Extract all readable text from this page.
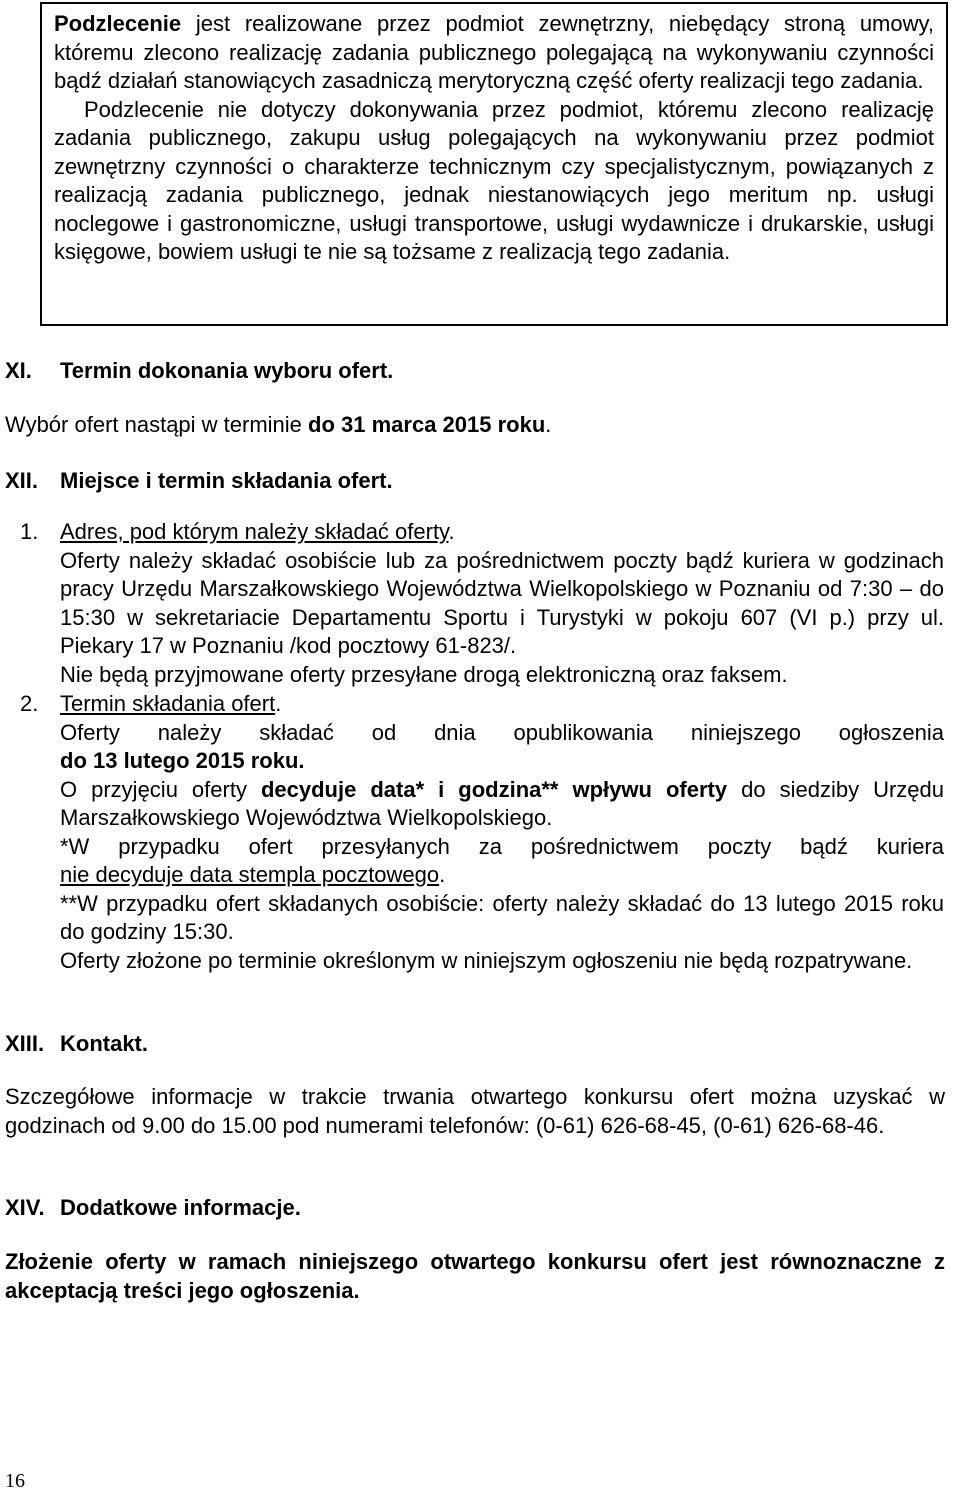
Podzlecenie jest realizowane przez podmiot zewnętrzny, niebędący stroną umowy, któremu zlecono realizację zadania publicznego polegającą na wykonywaniu czynności bądź działań stanowiących zasadniczą merytoryczną część oferty realizacji tego zadania.

Podzlecenie nie dotyczy dokonywania przez podmiot, któremu zlecono realizację zadania publicznego, zakupu usług polegających na wykonywaniu przez podmiot zewnętrzny czynności o charakterze technicznym czy specjalistycznym, powiązanych z realizacją zadania publicznego, jednak niestanowiących jego meritum np. usługi noclegowe i gastronomiczne, usługi transportowe, usługi wydawnicze i drukarskie, usługi księgowe, bowiem usługi te nie są tożsame z realizacją tego zadania.

XI. Termin dokonania wyboru ofert.
Wybór ofert nastąpi w terminie do 31 marca 2015 roku.
XII. Miejsce i termin składania ofert.
1. Adres, pod którym należy składać oferty.

Oferty należy składać osobiście lub za pośrednictwem poczty bądź kuriera w godzinach pracy Urzędu Marszałkowskiego Województwa Wielkopolskiego w Poznaniu od 7:30 – do 15:30 w sekretariacie Departamentu Sportu i Turystyki w pokoju 607 (VI p.) przy ul. Piekary 17 w Poznaniu /kod pocztowy 61-823/.

Nie będą przyjmowane oferty przesyłane drogą elektroniczną oraz faksem.

2. Termin składania ofert.

Oferty należy składać od dnia opublikowania niniejszego ogłoszenia

do 13 lutego 2015 roku.

O przyjęciu oferty decyduje data* i godzina** wpływu oferty do siedziby Urzędu Marszałkowskiego Województwa Wielkopolskiego.

*W przypadku ofert przesyłanych za pośrednictwem poczty bądź kuriera

nie decyduje data stempla pocztowego.

**W przypadku ofert składanych osobiście: oferty należy składać do 13 lutego 2015 roku do godziny 15:30.

Oferty złożone po terminie określonym w niniejszym ogłoszeniu nie będą rozpatrywane.

XIII. Kontakt.

Szczegółowe informacje w trakcie trwania otwartego konkursu ofert można uzyskać w godzinach od 9.00 do 15.00 pod numerami telefonów: (0-61) 626-68-45, (0-61) 626-68-46.

XIV. Dodatkowe informacje.

Złożenie oferty w ramach niniejszego otwartego konkursu ofert jest równoznaczne z akceptacją treści jego ogłoszenia.

16
